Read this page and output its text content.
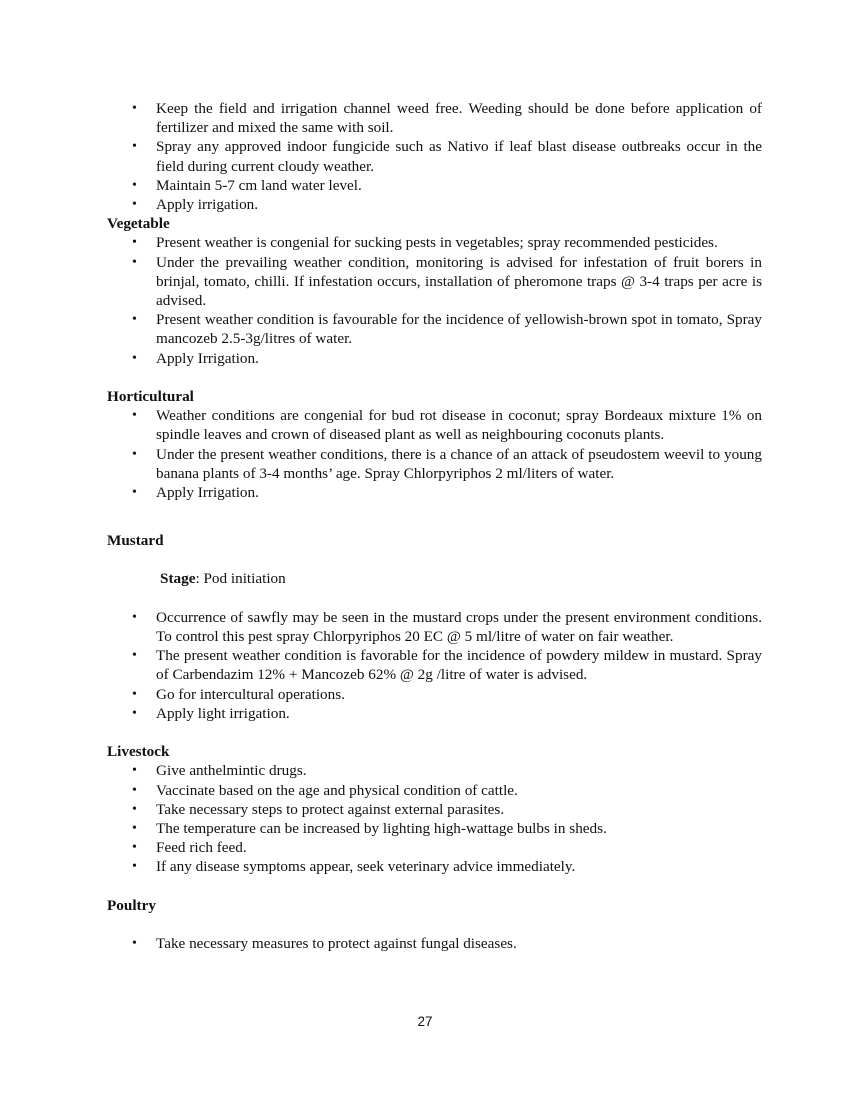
• Keep the field and irrigation channel weed free. Weeding should be done before application of fertilizer and mixed the same with soil.
• Spray any approved indoor fungicide such as Nativo if leaf blast disease outbreaks occur in the field during current cloudy weather.
• Maintain 5-7 cm land water level.
• Apply irrigation.

Vegetable

• Present weather is congenial for sucking pests in vegetables; spray recommended pesticides.
• Under the prevailing weather condition, monitoring is advised for infestation of fruit borers in brinjal, tomato, chilli. If infestation occurs, installation of pheromone traps @ 3-4 traps per acre is advised.
• Present weather condition is favourable for the incidence of yellowish-brown spot in tomato, Spray mancozeb 2.5-3g/litres of water.
• Apply Irrigation.

Horticultural

• Weather conditions are congenial for bud rot disease in coconut; spray Bordeaux mixture 1% on spindle leaves and crown of diseased plant as well as neighbouring coconuts plants.
• Under the present weather conditions, there is a chance of an attack of pseudostem weevil to young banana plants of 3-4 months’ age. Spray Chlorpyriphos 2 ml/liters of water.
• Apply Irrigation.

Mustard

Stage: Pod initiation

• Occurrence of sawfly may be seen in the mustard crops under the present environment conditions. To control this pest spray Chlorpyriphos 20 EC @ 5 ml/litre of water on fair weather.
• The present weather condition is favorable for the incidence of powdery mildew in mustard. Spray of Carbendazim 12% + Mancozeb 62% @ 2g /litre of water is advised.
• Go for intercultural operations.
• Apply light irrigation.

Livestock

• Give anthelmintic drugs.
• Vaccinate based on the age and physical condition of cattle.
• Take necessary steps to protect against external parasites.
• The temperature can be increased by lighting high-wattage bulbs in sheds.
• Feed rich feed.
• If any disease symptoms appear, seek veterinary advice immediately.

Poultry

• Take necessary measures to protect against fungal diseases.
27
